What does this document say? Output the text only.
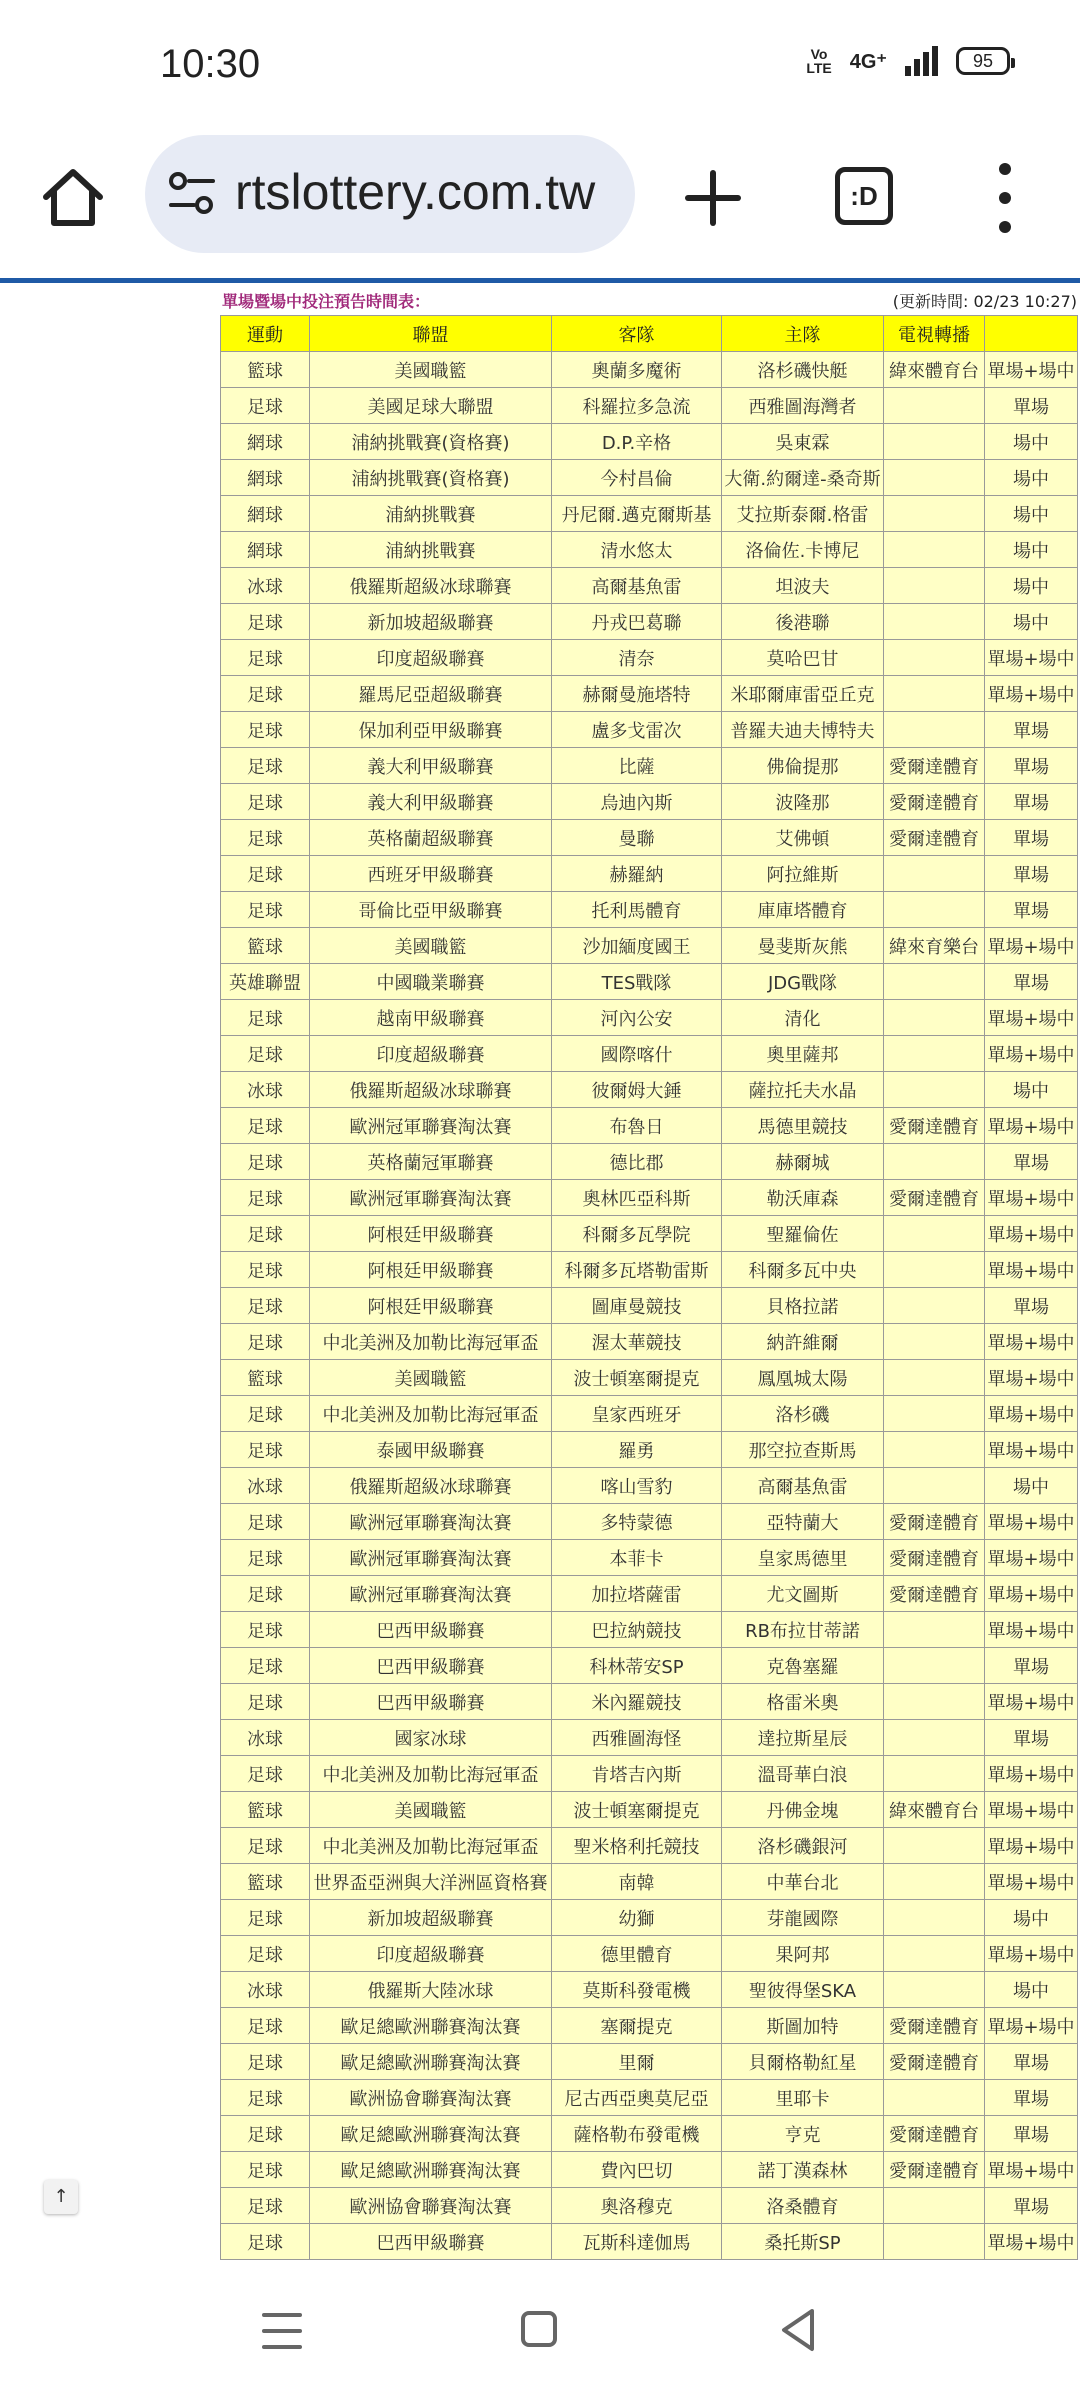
10:30	Vo
LTE 4G⁺	95
rtslottery.com.tw	:D
單場暨場中投注預告時間表：	(更新時間: 02/23 10:27)
運動	聯盟	客隊	主隊	電視轉播	
籃球	美國職籃	奧蘭多魔術	洛杉磯快艇	緯來體育台	單場+場中
足球	美國足球大聯盟	科羅拉多急流	西雅圖海灣者		單場
網球	浦納挑戰賽(資格賽)	D.P.辛格	吳東霖		場中
網球	浦納挑戰賽(資格賽)	今村昌倫	大衛.約爾達-桑奇斯		場中
網球	浦納挑戰賽	丹尼爾.邁克爾斯基	艾拉斯泰爾.格雷		場中
網球	浦納挑戰賽	清水悠太	洛倫佐.卡博尼		場中
冰球	俄羅斯超級冰球聯賽	高爾基魚雷	坦波夫		場中
足球	新加坡超級聯賽	丹戎巴葛聯	後港聯		場中
足球	印度超級聯賽	清奈	莫哈巴甘		單場+場中
足球	羅馬尼亞超級聯賽	赫爾曼施塔特	米耶爾庫雷亞丘克		單場+場中
足球	保加利亞甲級聯賽	盧多戈雷次	普羅夫迪夫博特夫		單場
足球	義大利甲級聯賽	比薩	佛倫提那	愛爾達體育	單場
足球	義大利甲級聯賽	烏迪內斯	波隆那	愛爾達體育	單場
足球	英格蘭超級聯賽	曼聯	艾佛頓	愛爾達體育	單場
足球	西班牙甲級聯賽	赫羅納	阿拉維斯		單場
足球	哥倫比亞甲級聯賽	托利馬體育	庫庫塔體育		單場
籃球	美國職籃	沙加緬度國王	曼斐斯灰熊	緯來育樂台	單場+場中
英雄聯盟	中國職業聯賽	TES戰隊	JDG戰隊		單場
足球	越南甲級聯賽	河內公安	清化		單場+場中
足球	印度超級聯賽	國際喀什	奧里薩邦		單場+場中
冰球	俄羅斯超級冰球聯賽	彼爾姆大錘	薩拉托夫水晶		場中
足球	歐洲冠軍聯賽淘汰賽	布魯日	馬德里競技	愛爾達體育	單場+場中
足球	英格蘭冠軍聯賽	德比郡	赫爾城		單場
足球	歐洲冠軍聯賽淘汰賽	奧林匹亞科斯	勒沃庫森	愛爾達體育	單場+場中
足球	阿根廷甲級聯賽	科爾多瓦學院	聖羅倫佐		單場+場中
足球	阿根廷甲級聯賽	科爾多瓦塔勒雷斯	科爾多瓦中央		單場+場中
足球	阿根廷甲級聯賽	圖庫曼競技	貝格拉諾		單場
足球	中北美洲及加勒比海冠軍盃	渥太華競技	納許維爾		單場+場中
籃球	美國職籃	波士頓塞爾提克	鳳凰城太陽		單場+場中
足球	中北美洲及加勒比海冠軍盃	皇家西班牙	洛杉磯		單場+場中
足球	泰國甲級聯賽	羅勇	那空拉查斯馬		單場+場中
冰球	俄羅斯超級冰球聯賽	喀山雪豹	高爾基魚雷		場中
足球	歐洲冠軍聯賽淘汰賽	多特蒙德	亞特蘭大	愛爾達體育	單場+場中
足球	歐洲冠軍聯賽淘汰賽	本菲卡	皇家馬德里	愛爾達體育	單場+場中
足球	歐洲冠軍聯賽淘汰賽	加拉塔薩雷	尤文圖斯	愛爾達體育	單場+場中
足球	巴西甲級聯賽	巴拉納競技	RB布拉甘蒂諾		單場+場中
足球	巴西甲級聯賽	科林蒂安SP	克魯塞羅		單場
足球	巴西甲級聯賽	米內羅競技	格雷米奧		單場+場中
冰球	國家冰球	西雅圖海怪	達拉斯星辰		單場
足球	中北美洲及加勒比海冠軍盃	肯塔吉內斯	溫哥華白浪		單場+場中
籃球	美國職籃	波士頓塞爾提克	丹佛金塊	緯來體育台	單場+場中
足球	中北美洲及加勒比海冠軍盃	聖米格利托競技	洛杉磯銀河		單場+場中
籃球	世界盃亞洲與大洋洲區資格賽	南韓	中華台北		單場+場中
足球	新加坡超級聯賽	幼獅	芽龍國際		場中
足球	印度超級聯賽	德里體育	果阿邦		單場+場中
冰球	俄羅斯大陸冰球	莫斯科發電機	聖彼得堡SKA		場中
足球	歐足總歐洲聯賽淘汰賽	塞爾提克	斯圖加特	愛爾達體育	單場+場中
足球	歐足總歐洲聯賽淘汰賽	里爾	貝爾格勒紅星	愛爾達體育	單場
足球	歐洲協會聯賽淘汰賽	尼古西亞奧莫尼亞	里耶卡		單場
足球	歐足總歐洲聯賽淘汰賽	薩格勒布發電機	亨克	愛爾達體育	單場
足球	歐足總歐洲聯賽淘汰賽	費內巴切	諾丁漢森林	愛爾達體育	單場+場中
足球	歐洲協會聯賽淘汰賽	奧洛穆克	洛桑體育		單場
足球	巴西甲級聯賽	瓦斯科達伽馬	桑托斯SP		單場+場中
↑
